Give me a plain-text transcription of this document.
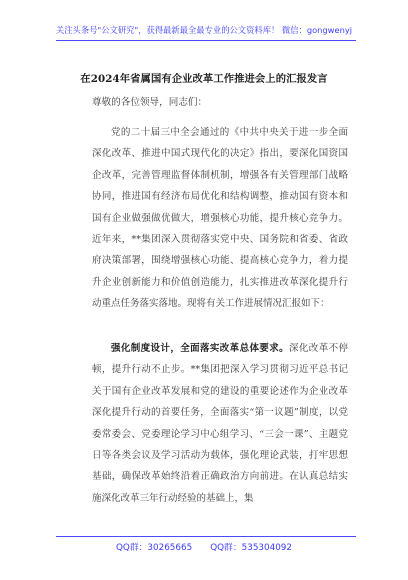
关注头条号"公文研究"，获得最新最全最专业的公文资料库！ 微信：gongwenyj
在2024年省属国有企业改革工作推进会上的汇报发言
尊敬的各位领导，同志们：
党的二十届三中全会通过的《中共中央关于进一步全面深化改革、推进中国式现代化的决定》指出，要深化国资国企改革，完善管理监督体制机制，增强各有关管理部门战略协同，推进国有经济布局优化和结构调整，推动国有资本和国有企业做强做优做大，增强核心功能，提升核心竞争力。近年来，**集团深入贯彻落实党中央、国务院和省委、省政府决策部署，围绕增强核心功能、提高核心竞争力，着力提升企业创新能力和价值创造能力，扎实推进改革深化提升行动重点任务落实落地。现将有关工作进展情况汇报如下：
强化制度设计，全面落实改革总体要求。深化改革不停顿，提升行动不止步。**集团把深入学习贯彻习近平总书记关于国有企业改革发展和党的建设的重要论述作为企业改革深化提升行动的首要任务，全面落实“第一议题”制度，以党委常委会、党委理论学习中心组学习、“三会一课”、主题党日等各类会议及学习活动为载体，强化理论武装，打牢思想基础，确保改革始终沿着正确政治方向前进。在认真总结实施深化改革三年行动经验的基础上，集
QQ群：30265665 QQ群：535304092
